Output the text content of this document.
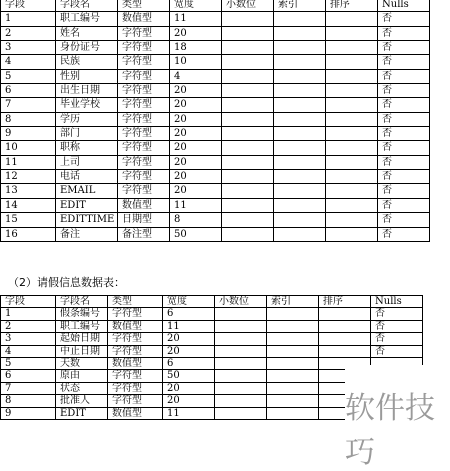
字段	字段名	类型	宽度	小数位	索引	排序	Nulls
1	职工编号	数值型	11				否
2	姓名	字符型	20				否
3	身份证号	字符型	18				否
4	民族	字符型	10				否
5	性别	字符型	4				否
6	出生日期	字符型	20				否
7	毕业学校	字符型	20				否
8	学历	字符型	20				否
9	部门	字符型	20				否
10	职称	字符型	20				否
11	上司	字符型	20				否
12	电话	字符型	20				否
13	EMAIL	字符型	20				否
14	EDIT	数值型	11				否
15	EDITTIME	日期型	8				否
16	备注	备注型	50				否
（2）请假信息数据表：
字段	字段名	类型	宽度	小数位	索引	排序	Nulls
1	假条编号	字符型	6				否
2	职工编号	数值型	11				否
3	起始日期	字符型	20				否
4	中止日期	字符型	20				否
5	天数	数值型	6				
6	原由	字符型	50				
7	状态	字符型	20				
8	批准人	字符型	20				
9	EDIT	数值型	11					软件技巧
